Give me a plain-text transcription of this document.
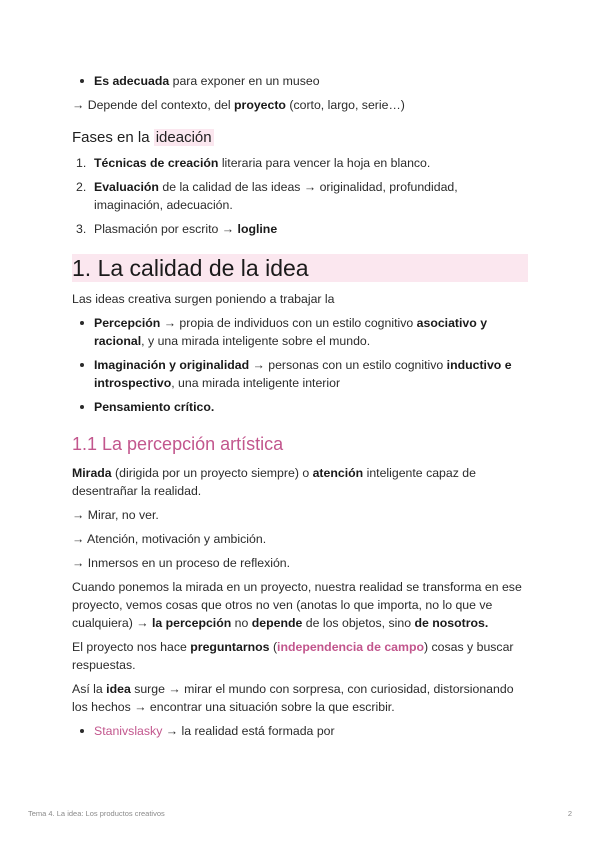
Es adecuada para exponer en un museo

→ Depende del contexto, del proyecto (corto, largo, serie…)

Fases en la ideación
1. Técnicas de creación literaria para vencer la hoja en blanco.
2. Evaluación de la calidad de las ideas → originalidad, profundidad, imaginación, adecuación.
3. Plasmación por escrito → logline
1. La calidad de la idea

Las ideas creativa surgen poniendo a trabajar la

Percepción → propia de individuos con un estilo cognitivo asociativo y racional, y una mirada inteligente sobre el mundo.
Imaginación y originalidad → personas con un estilo cognitivo inductivo e introspectivo, una mirada inteligente interior
Pensamiento crítico.
1.1 La percepción artística

Mirada (dirigida por un proyecto siempre) o atención inteligente capaz de desentrañar la realidad.

→ Mirar, no ver.

→ Atención, motivación y ambición.

→ Inmersos en un proceso de reflexión.

Cuando ponemos la mirada en un proyecto, nuestra realidad se transforma en ese proyecto, vemos cosas que otros no ven (anotas lo que importa, no lo que ve cualquiera) → la percepción no depende de los objetos, sino de nosotros.

El proyecto nos hace preguntarnos (independencia de campo) cosas y buscar respuestas.

Así la idea surge → mirar el mundo con sorpresa, con curiosidad, distorsionando los hechos → encontrar una situación sobre la que escribir.

Stanivslasky → la realidad está formada por
Tema 4. La idea: Los productos creativos	2
